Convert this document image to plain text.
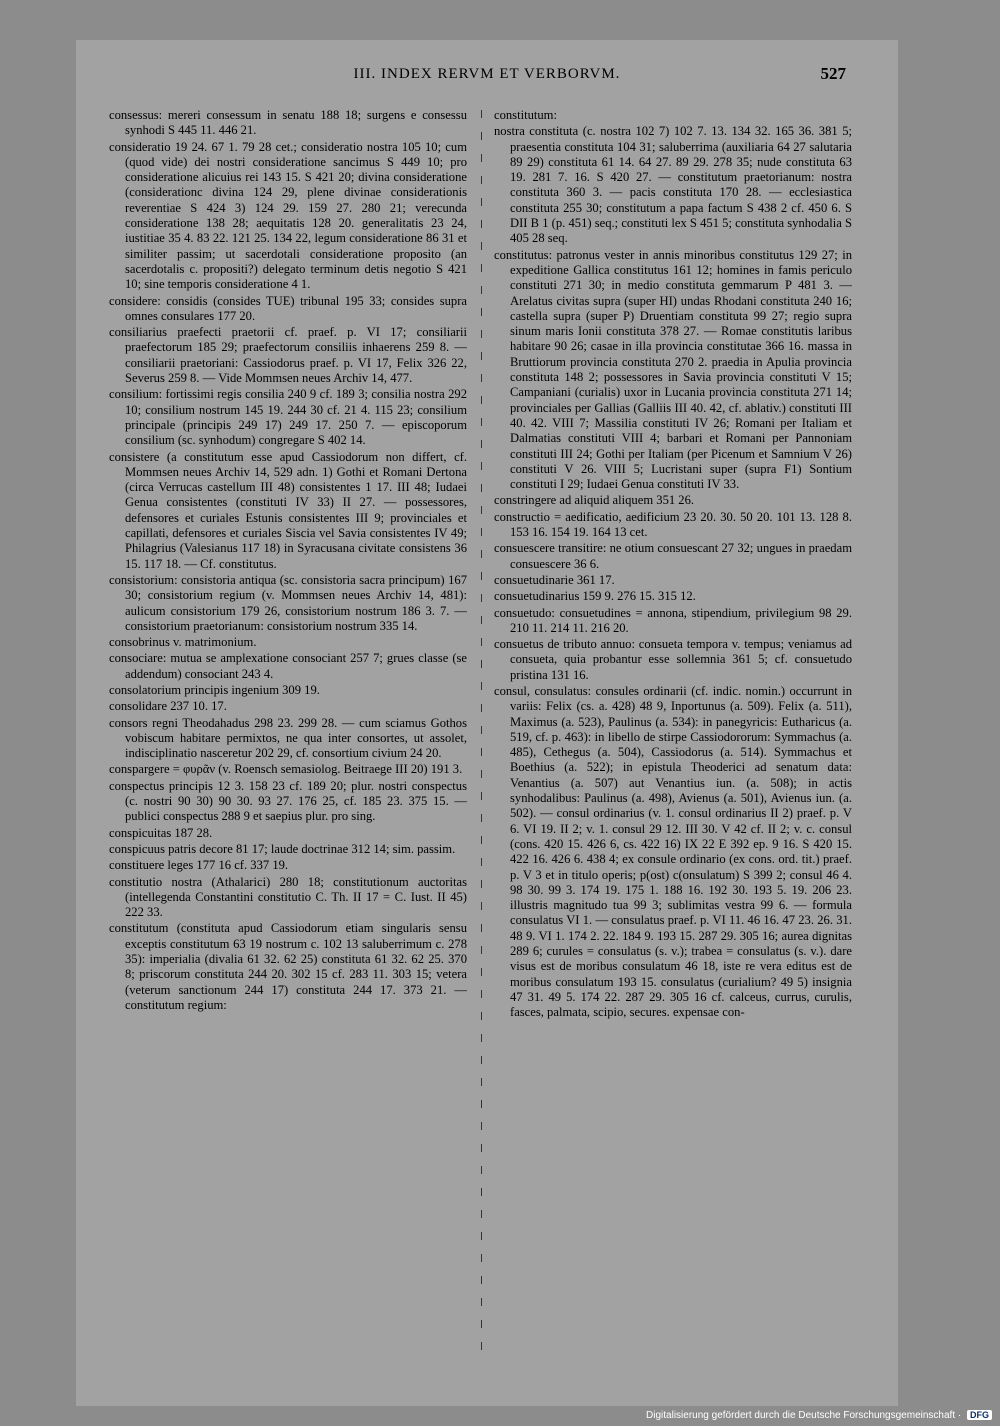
III. INDEX RERVM ET VERBORVM.	527

consessus: mereri consessum in senatu 188 18; surgens e consessu synhodi S 445 11. 446 21.

consideratio 19 24. 67 1. 79 28 cet.; consideratio nostra 105 10; cum (quod vide) dei nostri consideratione sancimus S 449 10; pro consideratione alicuius rei 143 15. S 421 20; divina consideratione (considerationc divina 124 29, plene divinae considerationis reverentiae S 424 3) 124 29. 159 27. 280 21; verecunda consideratione 138 28; aequitatis 128 20. generalitatis 23 24, iustitiae 35 4. 83 22. 121 25. 134 22, legum consideratione 86 31 et similiter passim; ut sacerdotali consideratione proposito (an sacerdotalis c. propositi?) delegato terminum detis negotio S 421 10; sine temporis consideratione 4 1.

considere: considis (consides TUE) tribunal 195 33; consides supra omnes consulares 177 20.

consiliarius praefecti praetorii cf. praef. p. VI 17; consiliarii praefectorum 185 29; praefectorum consiliis inhaerens 259 8. — consiliarii praetoriani: Cassiodorus praef. p. VI 17, Felix 326 22, Severus 259 8. — Vide Mommsen neues Archiv 14, 477.

consilium: fortissimi regis consilia 240 9 cf. 189 3; consilia nostra 292 10; consilium nostrum 145 19. 244 30 cf. 21 4. 115 23; consilium principale (principis 249 17) 249 17. 250 7. — episcoporum consilium (sc. synhodum) congregare S 402 14.

consistere (a constitutum esse apud Cassiodorum non differt, cf. Mommsen neues Archiv 14, 529 adn. 1) Gothi et Romani Dertona (circa Verrucas castellum III 48) consistentes 1 17. III 48; Iudaei Genua consistentes (constituti IV 33) II 27. — possessores, defensores et curiales Estunis consistentes III 9; provinciales et capillati, defensores et curiales Siscia vel Savia consistentes IV 49; Philagrius (Valesianus 117 18) in Syracusana civitate consistens 36 15. 117 18. — Cf. constitutus.

consistorium: consistoria antiqua (sc. consistoria sacra principum) 167 30; consistorium regium (v. Mommsen neues Archiv 14, 481): aulicum consistorium 179 26, consistorium nostrum 186 3. 7. — consistorium praetorianum: consistorium nostrum 335 14.

consobrinus v. matrimonium.

consociare: mutua se amplexatione consociant 257 7; grues classe (se addendum) consociant 243 4.

consolatorium principis ingenium 309 19.

consolidare 237 10. 17.

consors regni Theodahadus 298 23. 299 28. — cum sciamus Gothos vobiscum habitare permixtos, ne qua inter consortes, ut assolet, indisciplinatio nasceretur 202 29, cf. consortium civium 24 20.

conspargere = φυρᾶν (v. Roensch semasiolog. Beitraege III 20) 191 3.

conspectus principis 12 3. 158 23 cf. 189 20; plur. nostri conspectus (c. nostri 90 30) 90 30. 93 27. 176 25, cf. 185 23. 375 15. — publici conspectus 288 9 et saepius plur. pro sing.

conspicuitas 187 28.

conspicuus patris decore 81 17; laude doctrinae 312 14; sim. passim.

constituere leges 177 16 cf. 337 19.

constitutio nostra (Athalarici) 280 18; constitutionum auctoritas (intellegenda Constantini constitutio C. Th. II 17 = C. Iust. II 45) 222 33.

constitutum (constituta apud Cassiodorum etiam singularis sensu exceptis constitutum 63 19 nostrum c. 102 13 saluberrimum c. 278 35): imperialia (divalia 61 32. 62 25) constituta 61 32. 62 25. 370 8; priscorum constituta 244 20. 302 15 cf. 283 11. 303 15; vetera (veterum sanctionum 244 17) constituta 244 17. 373 21. — constitutum regium:

constitutum:

nostra constituta (c. nostra 102 7) 102 7. 13. 134 32. 165 36. 381 5; praesentia constituta 104 31; saluberrima (auxiliaria 64 27 salutaria 89 29) constituta 61 14. 64 27. 89 29. 278 35; nude constituta 63 19. 281 7. 16. S 420 27. — constitutum praetorianum: nostra constituta 360 3. — pacis constituta 170 28. — ecclesiastica constituta 255 30; constitutum a papa factum S 438 2 cf. 450 6. S DII B 1 (p. 451) seq.; constituti lex S 451 5; constituta synhodalia S 405 28 seq.

constitutus: patronus vester in annis minoribus constitutus 129 27; in expeditione Gallica constitutus 161 12; homines in famis periculo constituti 271 30; in medio constituta gemmarum P 481 3. — Arelatus civitas supra (super HI) undas Rhodani constituta 240 16; castella supra (super P) Druentiam constituta 99 27; regio supra sinum maris Ionii constituta 378 27. — Romae constitutis laribus habitare 90 26; casae in illa provincia constitutae 366 16. massa in Bruttiorum provincia constituta 270 2. praedia in Apulia provincia constituta 148 2; possessores in Savia provincia constituti V 15; Campaniani (curialis) uxor in Lucania provincia constituta 271 14; provinciales per Gallias (Galliis III 40. 42, cf. ablativ.) constituti III 40. 42. VIII 7; Massilia constituti IV 26; Romani per Italiam et Dalmatias constituti VIII 4; barbari et Romani per Pannoniam constituti III 24; Gothi per Italiam (per Picenum et Samnium V 26) constituti V 26. VIII 5; Lucristani super (supra F1) Sontium constituti I 29; Iudaei Genua constituti IV 33.

constringere ad aliquid aliquem 351 26.

constructio = aedificatio, aedificium 23 20. 30. 50 20. 101 13. 128 8. 153 16. 154 19. 164 13 cet.

consuescere transitire: ne otium consuescant 27 32; ungues in praedam consuescere 36 6.

consuetudinarie 361 17.

consuetudinarius 159 9. 276 15. 315 12.

consuetudo: consuetudines = annona, stipendium, privilegium 98 29. 210 11. 214 11. 216 20.

consuetus de tributo annuo: consueta tempora v. tempus; veniamus ad consueta, quia probantur esse sollemnia 361 5; cf. consuetudo pristina 131 16.

consul, consulatus: consules ordinarii (cf. indic. nomin.) occurrunt in variis: Felix (cs. a. 428) 48 9, Inportunus (a. 509). Felix (a. 511), Maximus (a. 523), Paulinus (a. 534): in panegyricis: Eutharicus (a. 519, cf. p. 463): in libello de stirpe Cassiodororum: Symmachus (a. 485), Cethegus (a. 504), Cassiodorus (a. 514). Symmachus et Boethius (a. 522); in epistula Theoderici ad senatum data: Venantius (a. 507) aut Venantius iun. (a. 508); in actis synhodalibus: Paulinus (a. 498), Avienus (a. 501), Avienus iun. (a. 502). — consul ordinarius (v. 1. consul ordinarius II 2) praef. p. V 6. VI 19. II 2; v. 1. consul 29 12. III 30. V 42 cf. II 2; v. c. consul (cons. 420 15. 426 6, cs. 422 16) IX 22 E 392 ep. 9 16. S 420 15. 422 16. 426 6. 438 4; ex consule ordinario (ex cons. ord. tit.) praef. p. V 3 et in titulo operis; p(ost) c(onsulatum) S 399 2; consul 46 4. 98 30. 99 3. 174 19. 175 1. 188 16. 192 30. 193 5. 19. 206 23. illustris magnitudo tua 99 3; sublimitas vestra 99 6. — formula consulatus VI 1. — consulatus praef. p. VI 11. 46 16. 47 23. 26. 31. 48 9. VI 1. 174 2. 22. 184 9. 193 15. 287 29. 305 16; aurea dignitas 289 6; curules = consulatus (s. v.); trabea = consulatus (s. v.). dare visus est de moribus consulatum 46 18, iste re vera editus est de moribus consulatum 193 15. consulatus (curialium? 49 5) insignia 47 31. 49 5. 174 22. 287 29. 305 16 cf. calceus, currus, curulis, fasces, palmata, scipio, secures. expensae con-

Digitalisierung gefördert durch die Deutsche Forschungsgemeinschaft · DFG
